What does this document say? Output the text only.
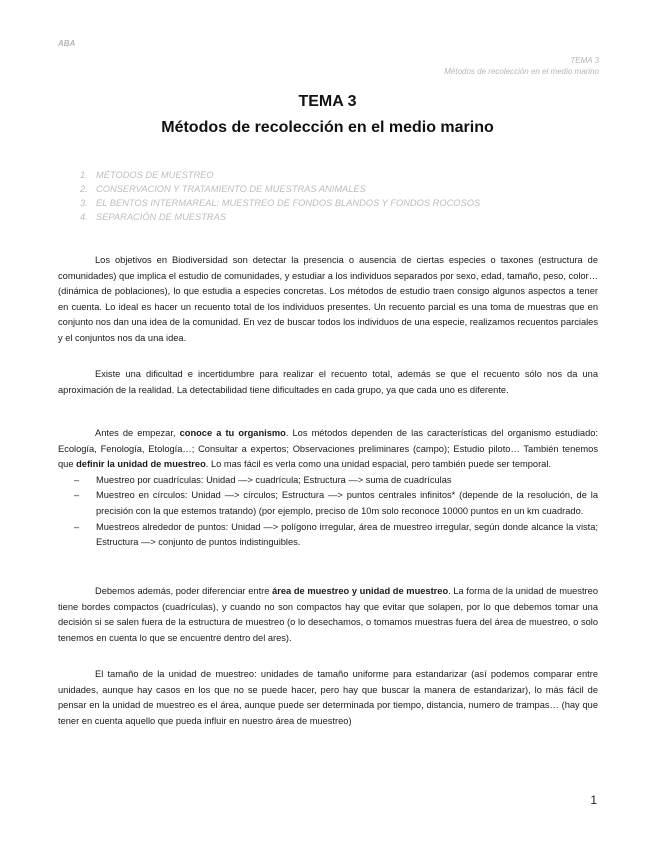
ABA
TEMA 3
Métodos de recolección en el medio marino
TEMA 3
Métodos de recolección en el medio marino
1. MÉTODOS DE MUESTREO
2. CONSERVACION Y TRATAMIENTO DE MUESTRAS ANIMALES
3. EL BENTOS INTERMAREAL: MUESTREO DE FONDOS BLANDOS Y FONDOS ROCOSOS
4. SEPARACIÓN DE MUESTRAS

Los objetivos en Biodiversidad son detectar la presencia o ausencia de ciertas especies o taxones (estructura de comunidades) que implica el estudio de comunidades, y estudiar a los individuos separados por sexo, edad, tamaño, peso, color… (dinámica de poblaciones), lo que estudia a especies concretas. Los métodos de estudio traen consigo algunos aspectos a tener en cuenta. Lo ideal es hacer un recuento total de los individuos presentes. Un recuento parcial es una toma de muestras que en conjunto nos dan una idea de la comunidad. En vez de buscar todos los individuos de una especie, realizamos recuentos parciales y el conjuntos nos da una idea.

Existe una dificultad e incertidumbre para realizar el recuento total, además se que el recuento sólo nos da una aproximación de la realidad. La detectabilidad tiene dificultades en cada grupo, ya que cada uno es diferente.

Antes de empezar, conoce a tu organismo. Los métodos dependen de las características del organismo estudiado: Ecología, Fenología, Etología…; Consultar a expertos; Observaciones preliminares (campo); Estudio piloto… También tenemos que definir la unidad de muestreo. Lo mas fácil es verla como una unidad espacial, pero también puede ser temporal.

– Muestreo por cuadrículas: Unidad —> cuadrícula; Estructura —> suma de cuadrículas
– Muestreo en círculos: Unidad —> círculos; Estructura —> puntos centrales infinitos* (depende de la resolución, de la precisión con la que estemos tratando) (por ejemplo, preciso de 10m solo reconoce 10000 puntos en un km cuadrado.
– Muestreos alrededor de puntos: Unidad —> polígono irregular, área de muestreo irregular, según donde alcance la vista; Estructura —> conjunto de puntos indistinguibles.

Debemos además, poder diferenciar entre área de muestreo y unidad de muestreo. La forma de la unidad de muestreo tiene bordes compactos (cuadrículas), y cuando no son compactos hay que evitar que solapen, por lo que debemos tomar una decisión si se salen fuera de la estructura de muestreo (o lo desechamos, o tomamos muestras fuera del área de muestreo, o solo tenemos en cuenta lo que se encuentre dentro del ares).

El tamaño de la unidad de muestreo: unidades de tamaño uniforme para estandarizar (así podemos comparar entre unidades, aunque hay casos en los que no se puede hacer, pero hay que buscar la manera de estandarizar), lo más fácil de pensar en la unidad de muestreo es el área, aunque puede ser determinada por tiempo, distancia, numero de trampas… (hay que tener en cuenta aquello que pueda influir en nuestro área de muestreo)

1
